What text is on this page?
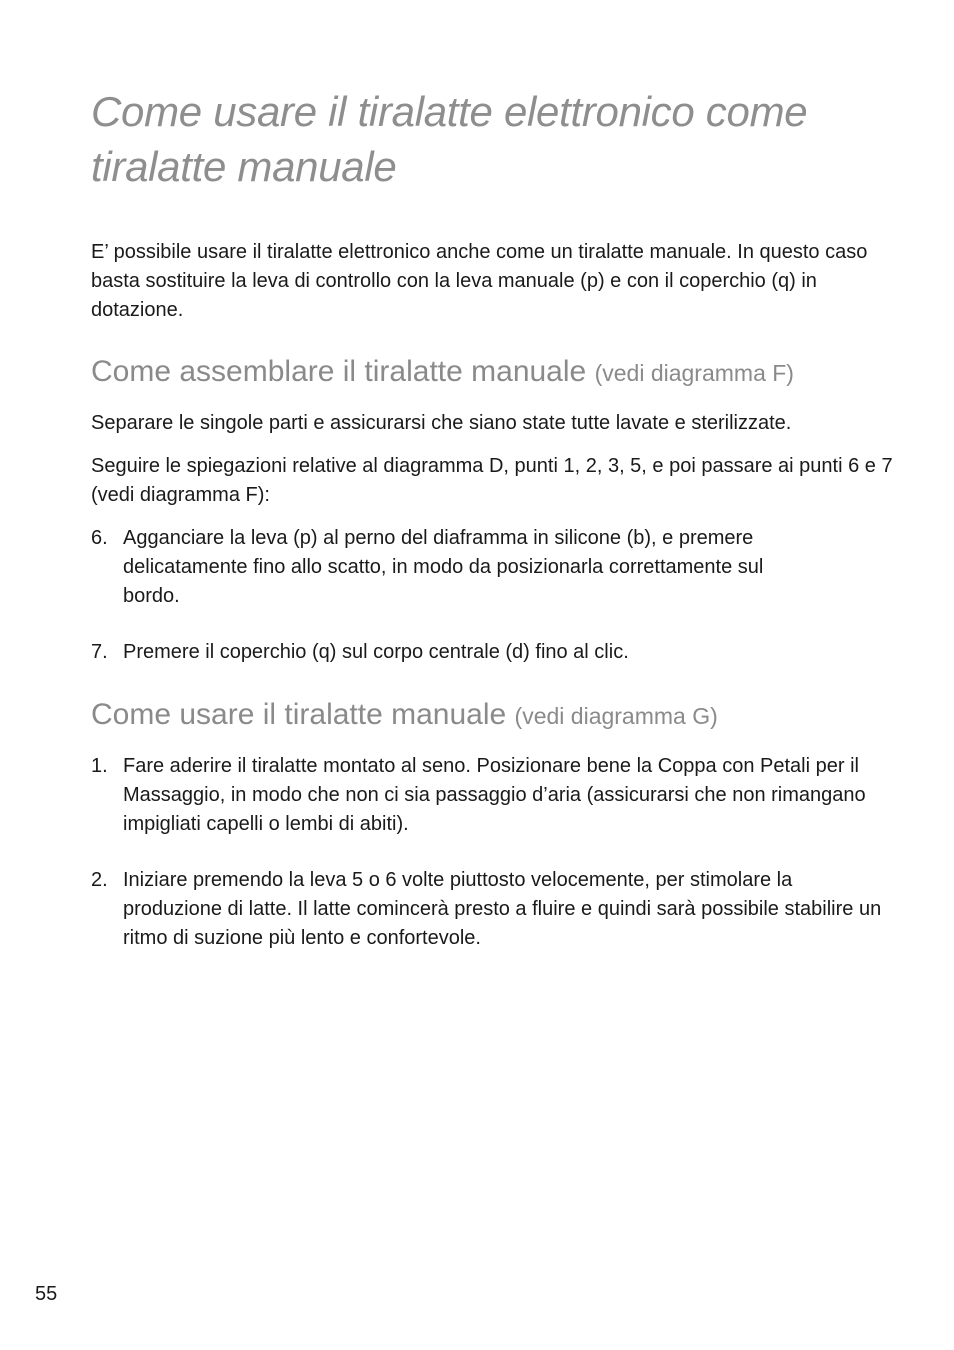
Come usare il tiralatte elettronico come tiralatte manuale

E’ possibile usare il tiralatte elettronico anche come un tiralatte manuale. In questo caso basta sostituire la leva di controllo con la leva manuale (p) e con il coperchio (q) in dotazione.

Come assemblare il tiralatte manuale (vedi diagramma F)

Separare le singole parti e assicurarsi che siano state tutte lavate e sterilizzate.

Seguire le spiegazioni relative al diagramma D, punti 1, 2, 3, 5, e poi passare ai punti 6 e 7 (vedi diagramma F):

6. Agganciare la leva (p) al perno del diaframma in silicone (b), e premere delicatamente fino allo scatto, in modo da posizionarla correttamente sul bordo.
7. Premere il coperchio (q) sul corpo centrale (d) fino al clic.
Come usare il tiralatte manuale (vedi diagramma G)
1. Fare aderire il tiralatte montato al seno. Posizionare bene la Coppa con Petali per il Massaggio, in modo che non ci sia passaggio d’aria (assicurarsi che non rimangano impigliati capelli o lembi di abiti).
2. Iniziare premendo la leva 5 o 6 volte piuttosto velocemente, per stimolare la produzione di latte. Il latte comincerà presto a fluire e quindi sarà possibile stabilire un ritmo di suzione più lento e confortevole.
55
